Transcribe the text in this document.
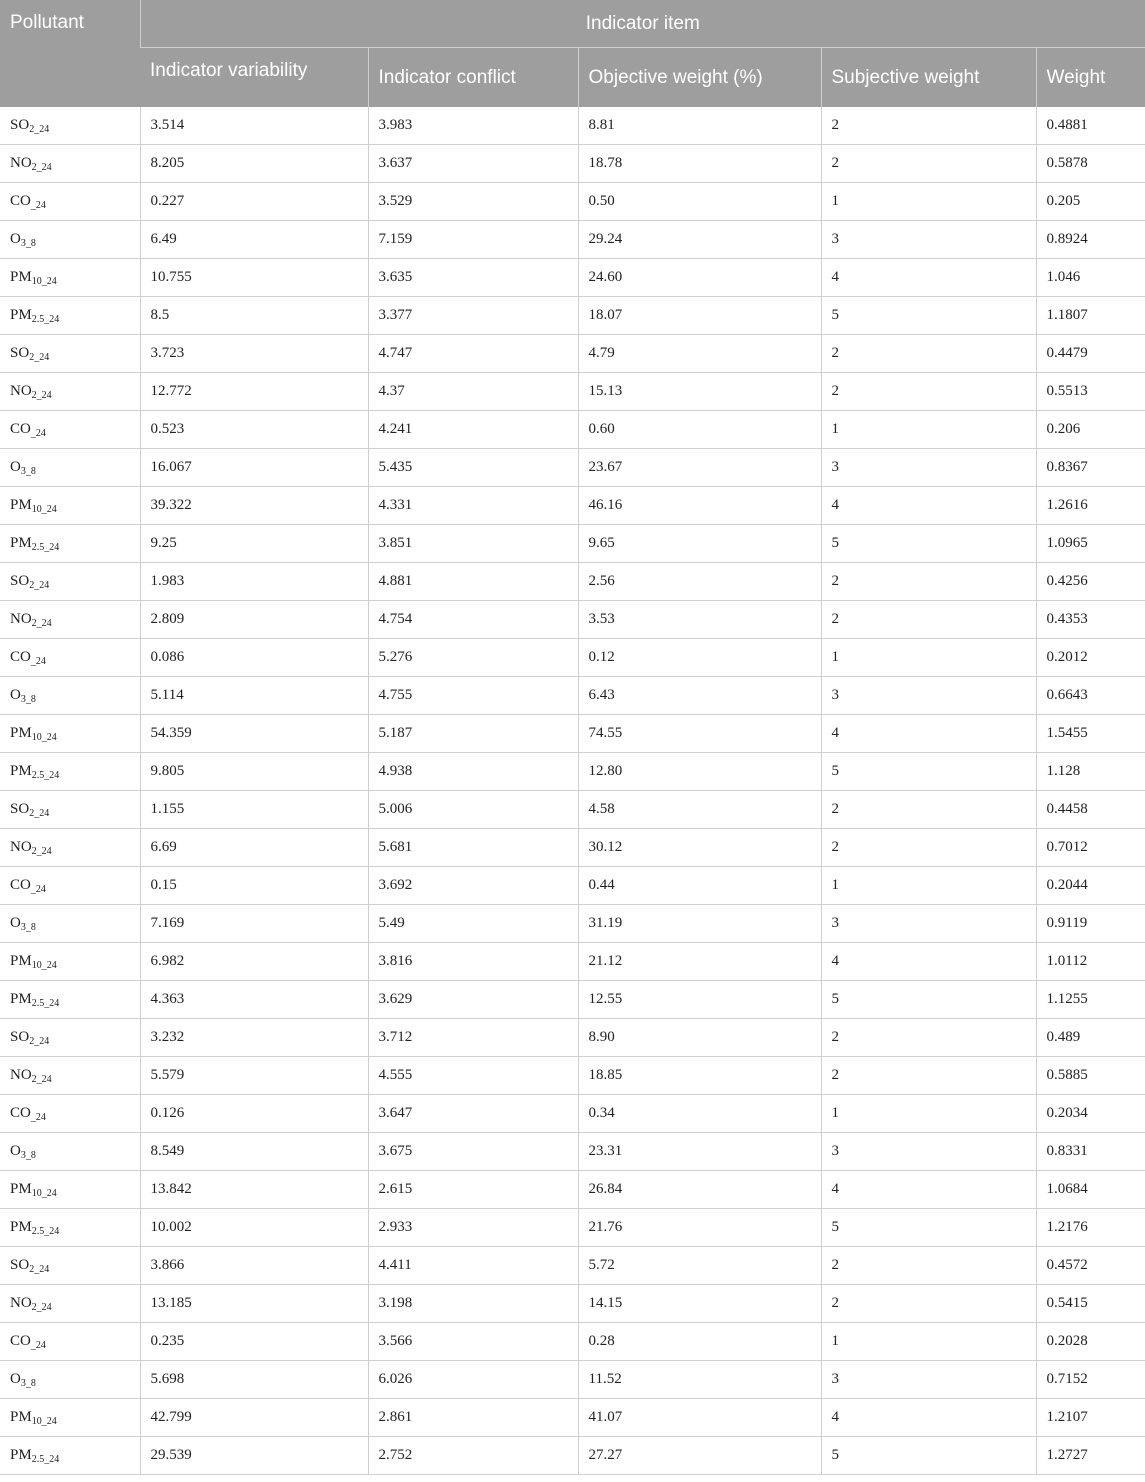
Pollutant	Indicator item				
	Indicator variability	Indicator conflict	Objective weight (%)	Subjective weight	Weight
$SO_{2\_24}$	3.514	3.983	8.81	2	0.4881
$NO_{2\_24}$	8.205	3.637	18.78	2	0.5878
$CO_{\_24}$	0.227	3.529	0.50	1	0.205
$O_{3\_8}$	6.49	7.159	29.24	3	0.8924
$PM_{10\_24}$	10.755	3.635	24.60	4	1.046
$PM_{2.5\_24}$	8.5	3.377	18.07	5	1.1807
$SO_{2\_24}$	3.723	4.747	4.79	2	0.4479
$NO_{2\_24}$	12.772	4.37	15.13	2	0.5513
$CO_{\_24}$	0.523	4.241	0.60	1	0.206
$O_{3\_8}$	16.067	5.435	23.67	3	0.8367
$PM_{10\_24}$	39.322	4.331	46.16	4	1.2616
$PM_{2.5\_24}$	9.25	3.851	9.65	5	1.0965
$SO_{2\_24}$	1.983	4.881	2.56	2	0.4256
$NO_{2\_24}$	2.809	4.754	3.53	2	0.4353
$CO_{\_24}$	0.086	5.276	0.12	1	0.2012
$O_{3\_8}$	5.114	4.755	6.43	3	0.6643
$PM_{10\_24}$	54.359	5.187	74.55	4	1.5455
$PM_{2.5\_24}$	9.805	4.938	12.80	5	1.128
$SO_{2\_24}$	1.155	5.006	4.58	2	0.4458
$NO_{2\_24}$	6.69	5.681	30.12	2	0.7012
$CO_{\_24}$	0.15	3.692	0.44	1	0.2044
$O_{3\_8}$	7.169	5.49	31.19	3	0.9119
$PM_{10\_24}$	6.982	3.816	21.12	4	1.0112
$PM_{2.5\_24}$	4.363	3.629	12.55	5	1.1255
$SO_{2\_24}$	3.232	3.712	8.90	2	0.489
$NO_{2\_24}$	5.579	4.555	18.85	2	0.5885
$CO_{\_24}$	0.126	3.647	0.34	1	0.2034
$O_{3\_8}$	8.549	3.675	23.31	3	0.8331
$PM_{10\_24}$	13.842	2.615	26.84	4	1.0684
$PM_{2.5\_24}$	10.002	2.933	21.76	5	1.2176
$SO_{2\_24}$	3.866	4.411	5.72	2	0.4572
$NO_{2\_24}$	13.185	3.198	14.15	2	0.5415
$CO_{\_24}$	0.235	3.566	0.28	1	0.2028
$O_{3\_8}$	5.698	6.026	11.52	3	0.7152
$PM_{10\_24}$	42.799	2.861	41.07	4	1.2107
$PM_{2.5\_24}$	29.539	2.752	27.27	5	1.2727
